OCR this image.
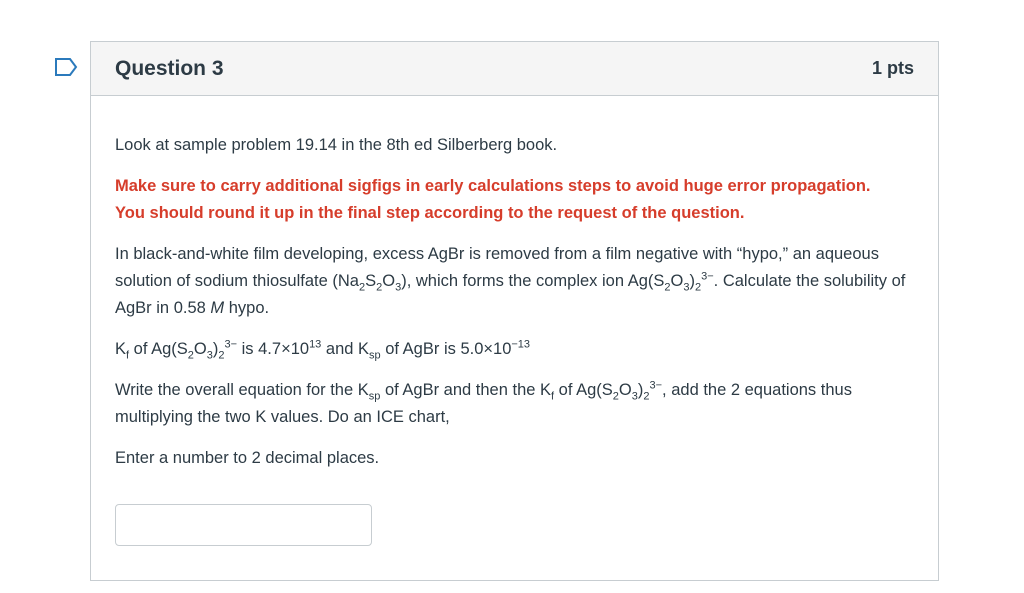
Question 3	1 pts

Look at sample problem 19.14 in the 8th ed Silberberg book.

Make sure to carry additional sigfigs in early calculations steps to avoid huge error propagation.
You should round it up in the final step according to the request of the question.

In black-and-white film developing, excess AgBr is removed from a film negative with “hypo,” an aqueous solution of sodium thiosulfate $(Na_2S_2O_3)$, which forms the complex ion $Ag(S_2O_3)_2^{3-}$. Calculate the solubility of AgBr in 0.58 M hypo.

$K_f$ of $Ag(S_2O_3)_2^{3-}$ is $4.7\times 10^{13}$ and $K_{sp}$ of AgBr is $5.0\times 10^{-13}$

Write the overall equation for the $K_{sp}$ of AgBr and then the $K_f$ of $Ag(S_2O_3)_2^{3-}$, add the 2 equations thus multiplying the two K values. Do an ICE chart,

Enter a number to 2 decimal places.
